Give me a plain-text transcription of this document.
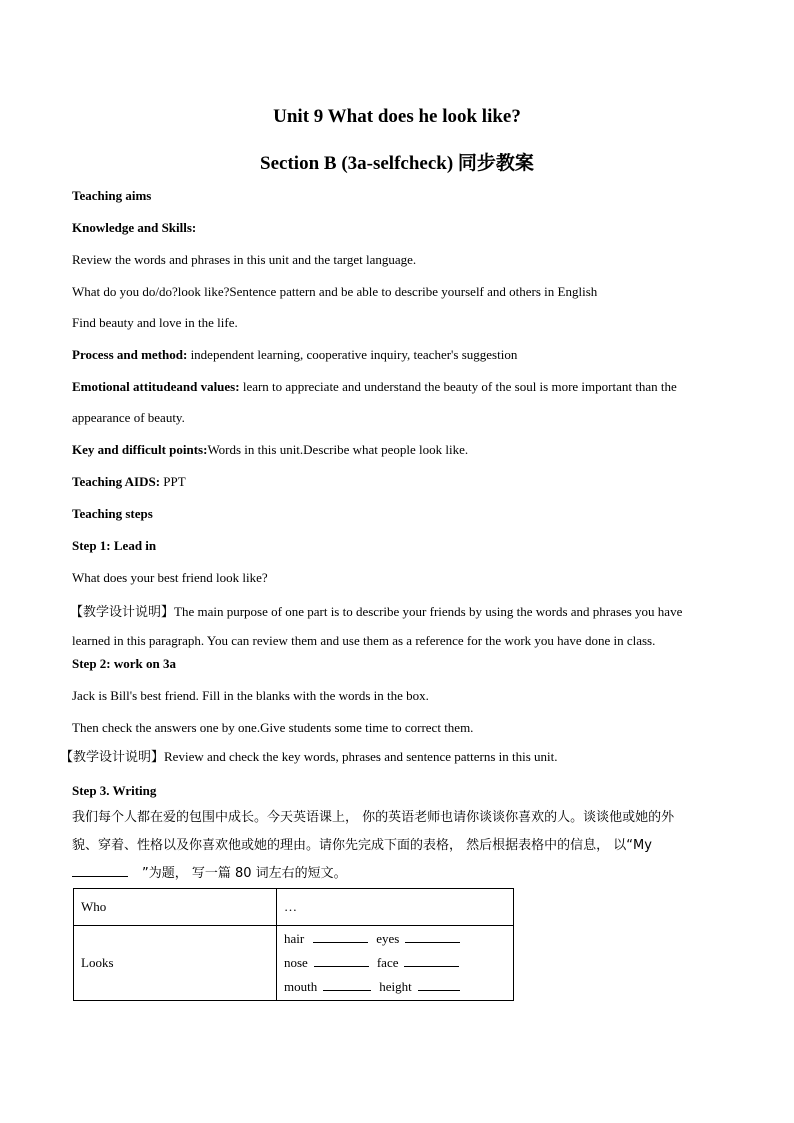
Unit 9 What does he look like?
Section B (3a-selfcheck) 同步教案
Teaching aims
Knowledge and Skills:
Review the words and phrases in this unit and the target language.
What do you do/do?look like?Sentence pattern and be able to describe yourself and others in English
Find beauty and love in the life.
Process and method: independent learning, cooperative inquiry, teacher's suggestion
Emotional attitudeand values: learn to appreciate and understand the beauty of the soul is more important than the
appearance of beauty.
Key and difficult points:Words in this unit.Describe what people look like.
Teaching AIDS: PPT
Teaching steps
Step 1: Lead in
What does your best friend look like?
【教学设计说明】The main purpose of one part is to describe your friends by using the words and phrases you have
learned in this paragraph. You can review them and use them as a reference for the work you have done in class.
Step 2: work on 3a
Jack is Bill's best friend. Fill in the blanks with the words in the box.
Then check the answers one by one.Give students some time to correct them.
【教学设计说明】Review and check the key words, phrases and sentence patterns in this unit.
Step 3. Writing
我们每个人都在爱的包围中成长。今天英语课上， 你的英语老师也请你谈谈你喜欢的人。谈谈他或她的外
貌、穿着、性格以及你喜欢他或她的理由。请你先完成下面的表格， 然后根据表格中的信息， 以“My
”为题， 写一篇 80 词左右的短文。
Who	…
Looks	hair eyes
nose face
mouth height
